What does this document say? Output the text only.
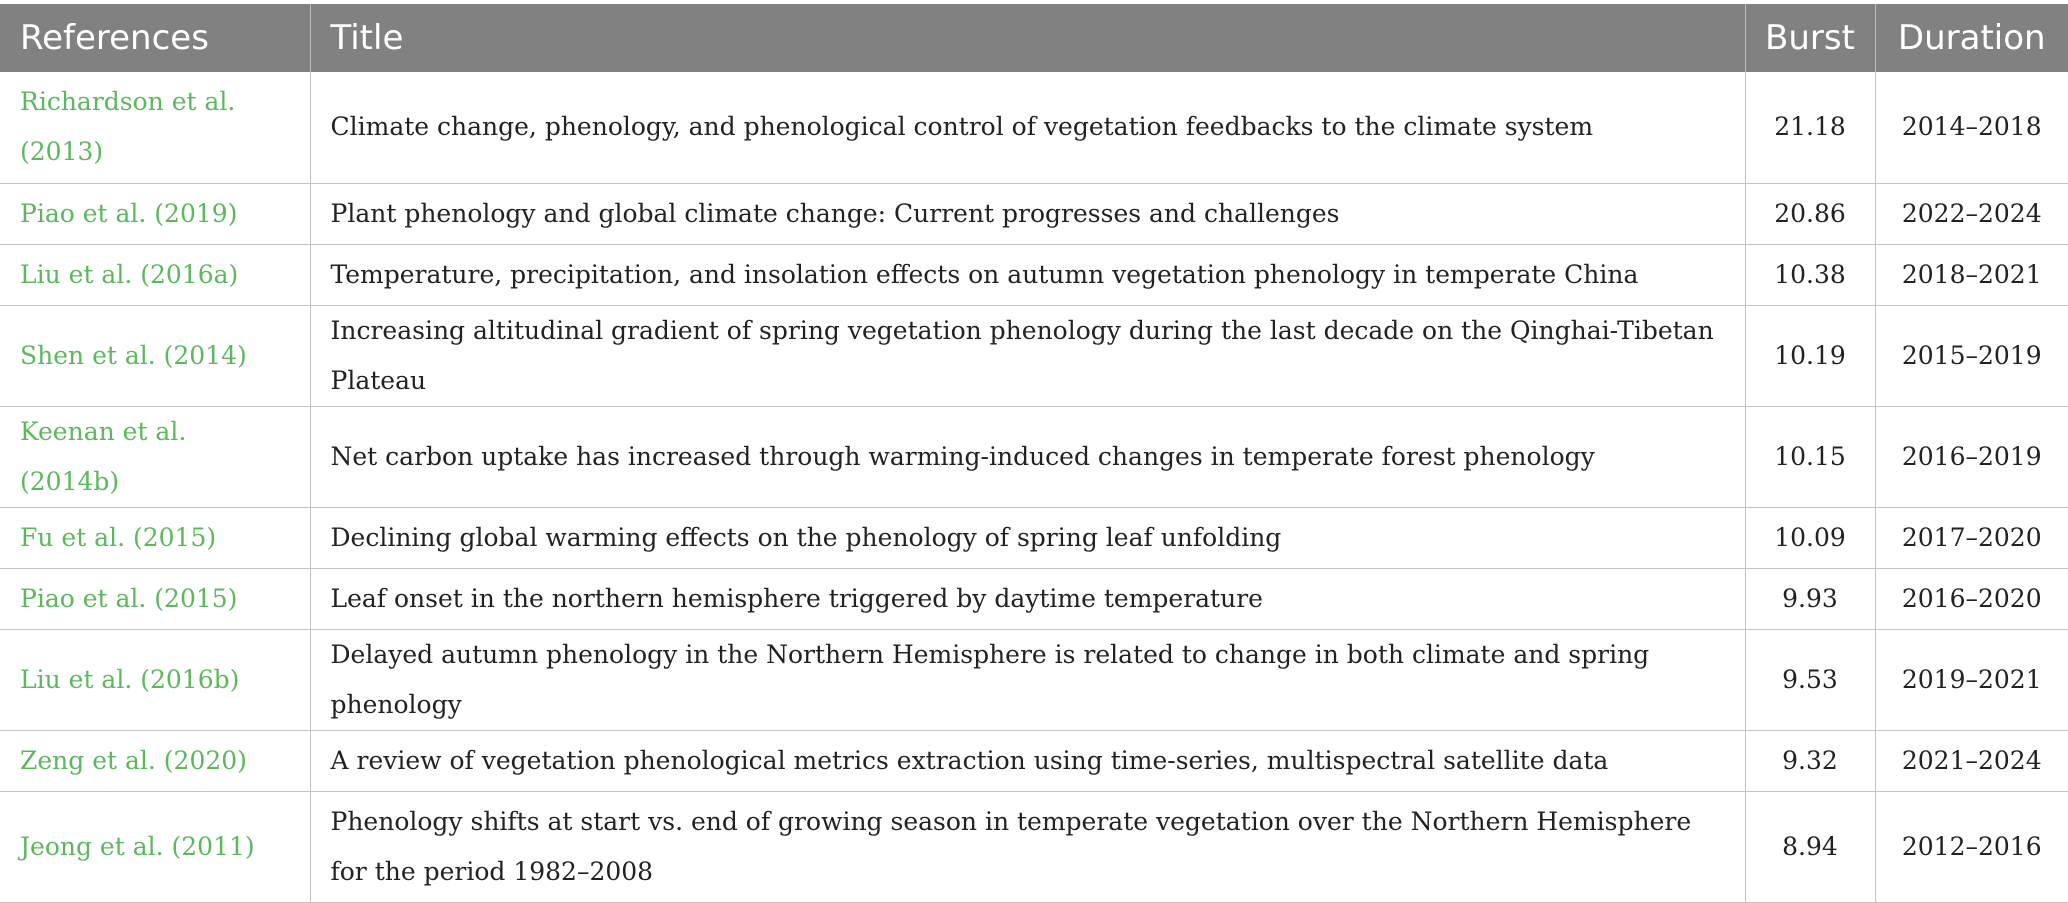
References	Title	Burst	Duration
Richardson et al. (2013)	Climate change, phenology, and phenological control of vegetation feedbacks to the climate system	21.18	2014–2018
Piao et al. (2019)	Plant phenology and global climate change: Current progresses and challenges	20.86	2022–2024
Liu et al. (2016a)	Temperature, precipitation, and insolation effects on autumn vegetation phenology in temperate China	10.38	2018–2021
Shen et al. (2014)	Increasing altitudinal gradient of spring vegetation phenology during the last decade on the Qinghai-Tibetan Plateau	10.19	2015–2019
Keenan et al. (2014b)	Net carbon uptake has increased through warming-induced changes in temperate forest phenology	10.15	2016–2019
Fu et al. (2015)	Declining global warming effects on the phenology of spring leaf unfolding	10.09	2017–2020
Piao et al. (2015)	Leaf onset in the northern hemisphere triggered by daytime temperature	9.93	2016–2020
Liu et al. (2016b)	Delayed autumn phenology in the Northern Hemisphere is related to change in both climate and spring phenology	9.53	2019–2021
Zeng et al. (2020)	A review of vegetation phenological metrics extraction using time-series, multispectral satellite data	9.32	2021–2024
Jeong et al. (2011)	Phenology shifts at start vs. end of growing season in temperate vegetation over the Northern Hemisphere for the period 1982–2008	8.94	2012–2016
